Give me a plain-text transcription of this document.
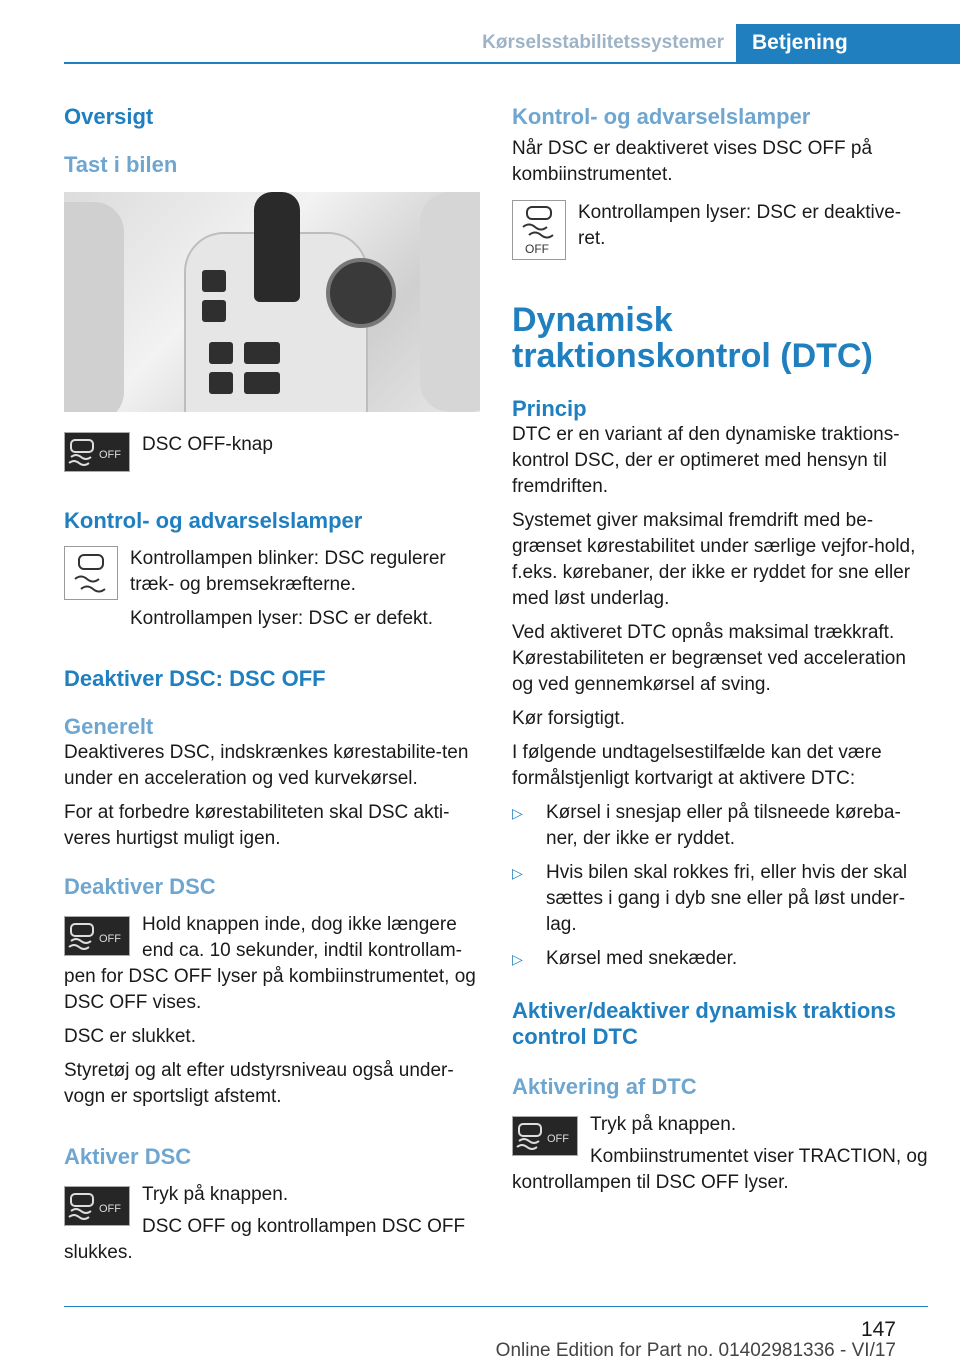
Kørselsstabilitetssystemer	Betjening
Oversigt
Tast i bilen
OFF DSC OFF-knap

Kontrol- og advarselslamper

Kontrollampen blinker: DSC regulerer træk- og bremsekræfterne.

Kontrollampen lyser: DSC er defekt.

Deaktiver DSC: DSC OFF
Generelt

Deaktiveres DSC, indskrænkes kørestabilite-ten under en acceleration og ved kurvekørsel.

For at forbedre kørestabiliteten skal DSC akti-veres hurtigst muligt igen.

Deaktiver DSC
OFF

Hold knappen inde, dog ikke længere end ca. 10 sekunder, indtil kontrollam-pen for DSC OFF lyser på kombiinstrumentet, og DSC OFF vises.

DSC er slukket.

Styretøj og alt efter udstyrsniveau også under-vogn er sportsligt afstemt.

Aktiver DSC
OFF

Tryk på knappen.

DSC OFF og kontrollampen DSC OFF slukkes.

Kontrol- og advarselslamper

Når DSC er deaktiveret vises DSC OFF på kombiinstrumentet.

OFF

Kontrollampen lyser: DSC er deaktive-ret.

Dynamisk traktionskontrol (DTC)
Princip

DTC er en variant af den dynamiske traktions-kontrol DSC, der er optimeret med hensyn til fremdriften.

Systemet giver maksimal fremdrift med be-grænset kørestabilitet under særlige vejfor-hold, f.eks. kørebaner, der ikke er ryddet for sne eller med løst underlag.

Ved aktiveret DTC opnås maksimal trækkraft. Kørestabiliteten er begrænset ved acceleration og ved gennemkørsel af sving.

Kør forsigtigt.

I følgende undtagelsestilfælde kan det være formålstjenligt kortvarigt at aktivere DTC:

▷	Kørsel i snesjap eller på tilsneede køreba-ner, der ikke er ryddet.
▷	Hvis bilen skal rokkes fri, eller hvis der skal sættes i gang i dyb sne eller på løst under-lag.
▷	Kørsel med snekæder.
Aktiver/deaktiver dynamisk traktions control DTC
Aktivering af DTC
OFF

Tryk på knappen.

Kombiinstrumentet viser TRACTION, og kontrollampen til DSC OFF lyser.

147
Online Edition for Part no. 01402981336 - VI/17
